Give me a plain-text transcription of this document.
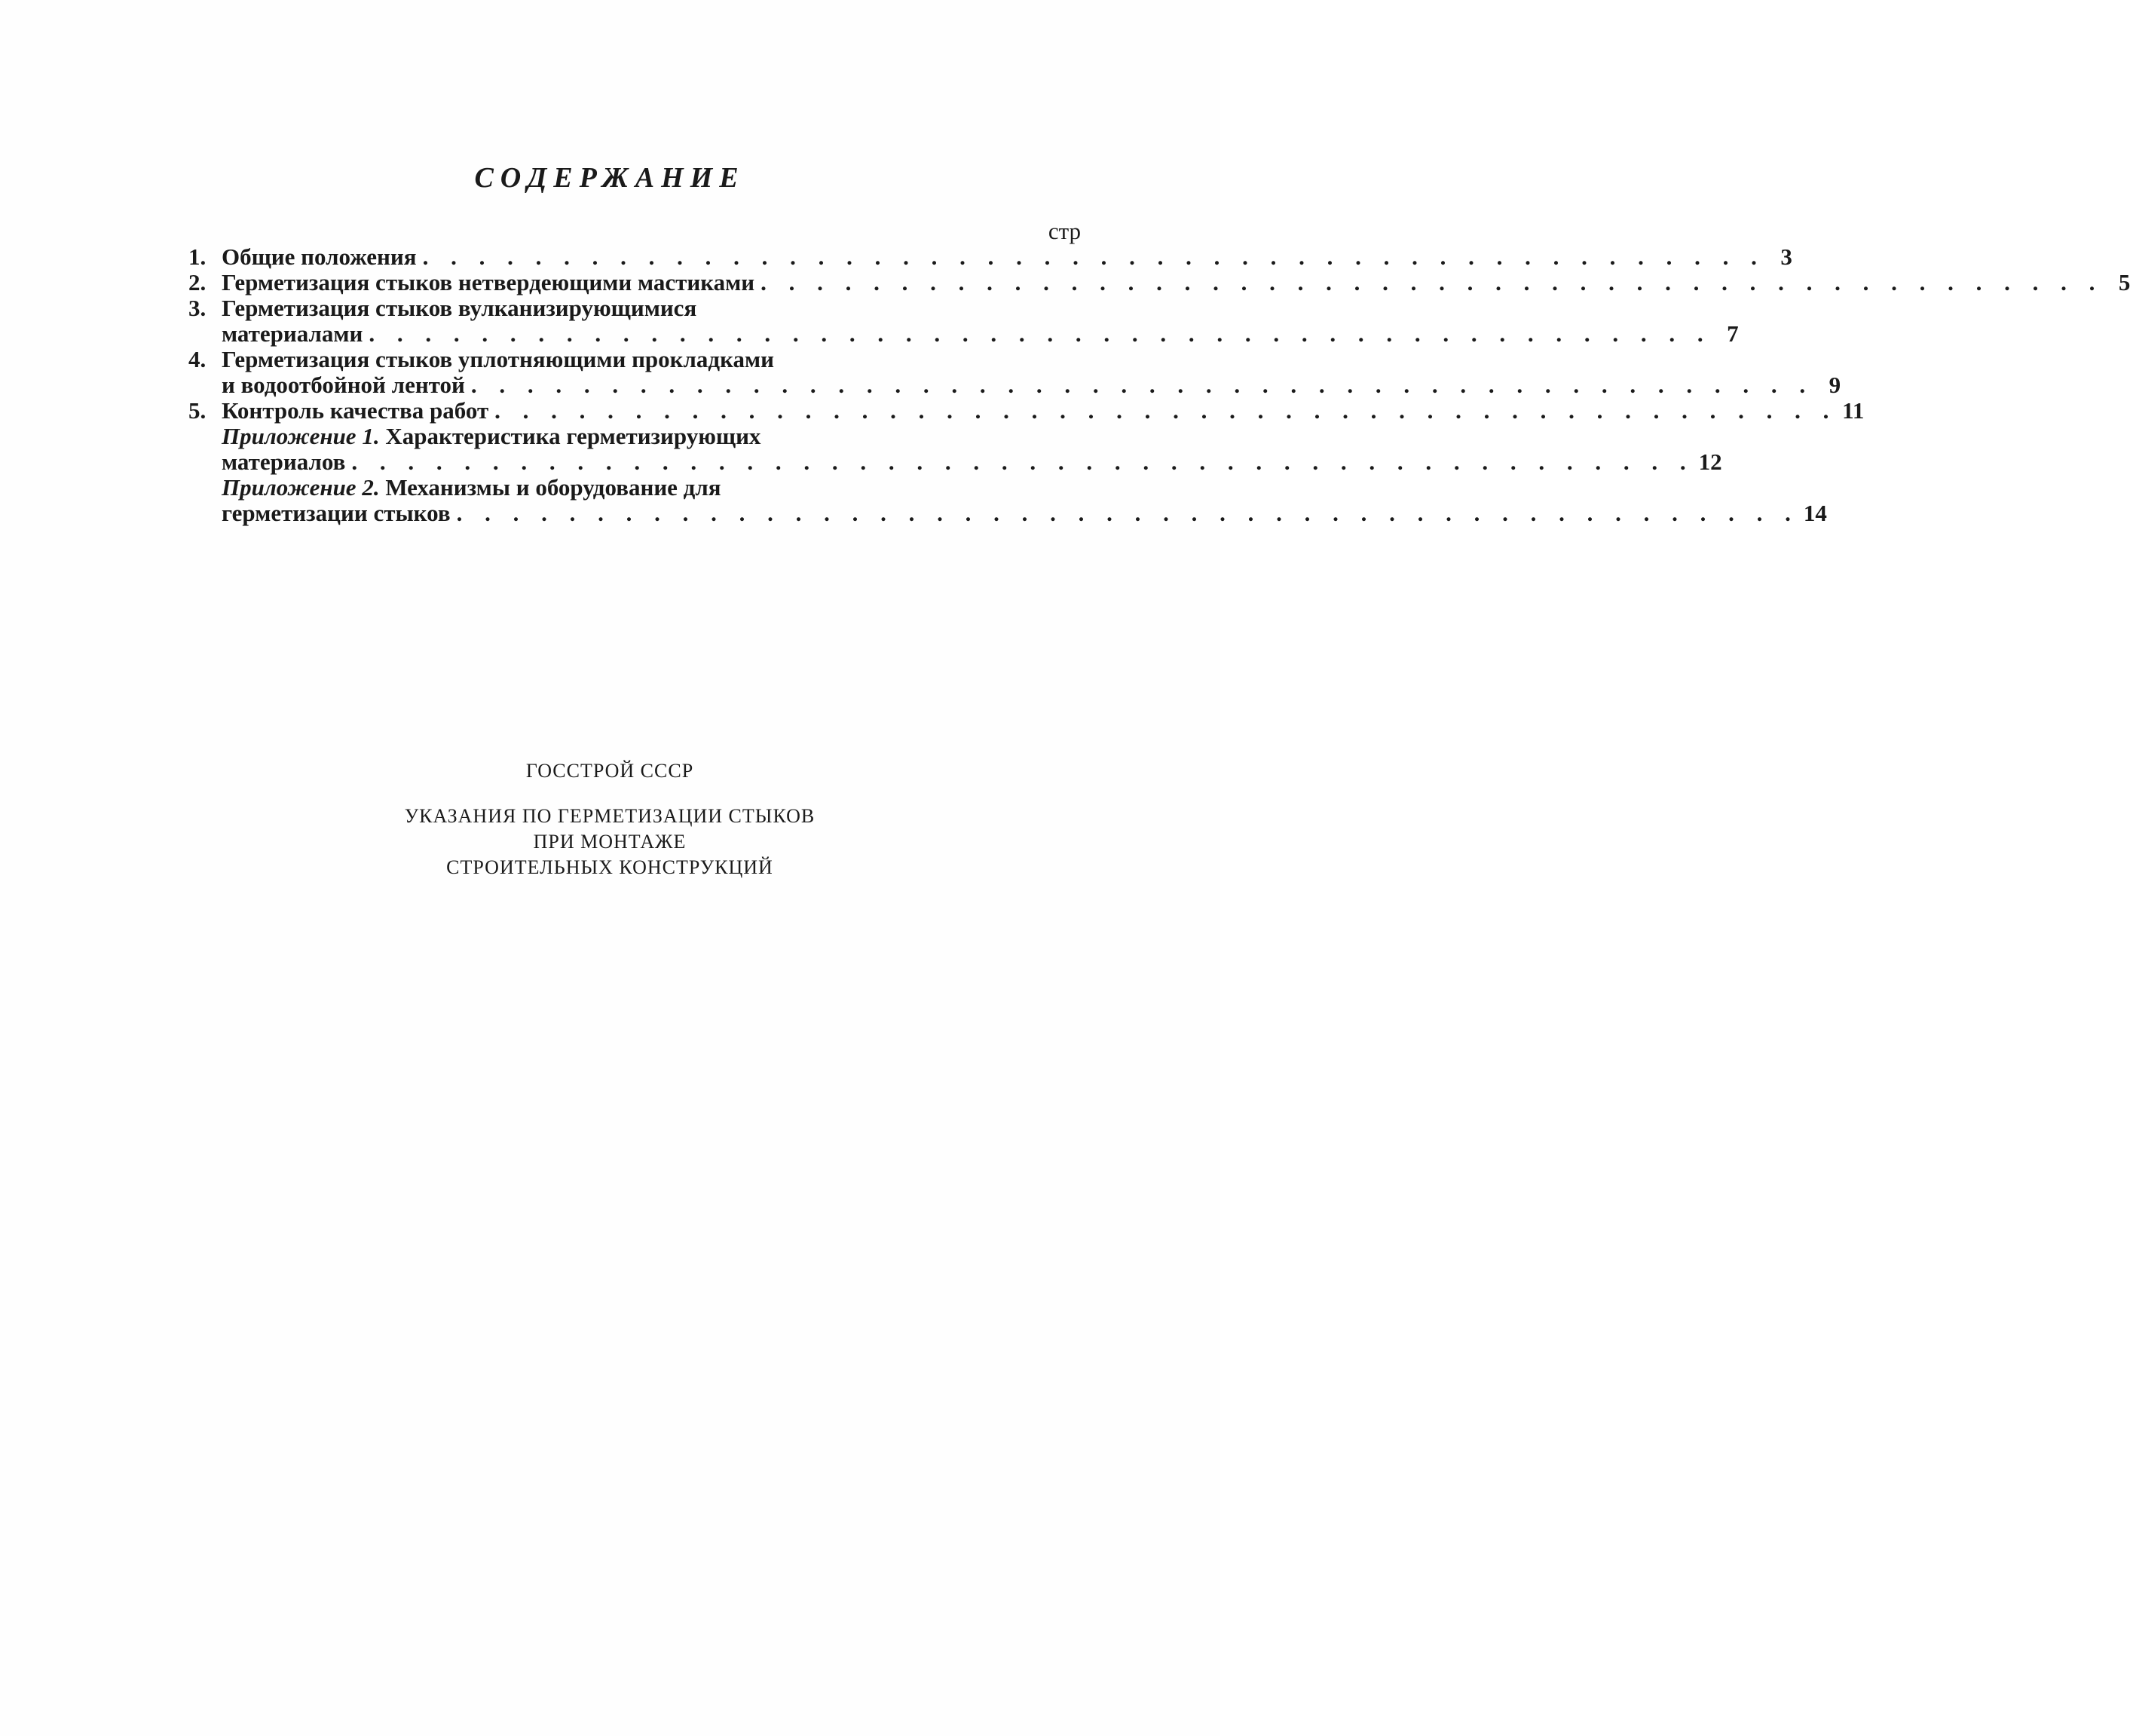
СОДЕРЖАНИЕ
стр
1. Общие положения . . . . . . . . . . . . . . . . . . . . . . . . . . . . . . . . . . . . . . . . . . . . . . . . 3
2. Герметизация стыков нетвердеющими мастиками . . . . . . . . . . . . . . . . . . . . . . . . . . . . . . . . . . . . . . . . . . . . . . . . 5
3. Герметизация стыков вулканизирующимися
материалами . . . . . . . . . . . . . . . . . . . . . . . . . . . . . . . . . . . . . . . . . . . . . . . . 7
4. Герметизация стыков уплотняющими прокладками
и водоотбойной лентой . . . . . . . . . . . . . . . . . . . . . . . . . . . . . . . . . . . . . . . . . . . . . . . . 9
5. Контроль качества работ . . . . . . . . . . . . . . . . . . . . . . . . . . . . . . . . . . . . . . . . . . . . . . . . 11
Приложение 1. Характеристика герметизирующих
материалов . . . . . . . . . . . . . . . . . . . . . . . . . . . . . . . . . . . . . . . . . . . . . . . . 12
Приложение 2. Механизмы и оборудование для
герметизации стыков . . . . . . . . . . . . . . . . . . . . . . . . . . . . . . . . . . . . . . . . . . . . . . . . 14
ГОССТРОЙ СССР
УКАЗАНИЯ ПО ГЕРМЕТИЗАЦИИ СТЫКОВ
ПРИ МОНТАЖЕ
СТРОИТЕЛЬНЫХ КОНСТРУКЦИЙ
